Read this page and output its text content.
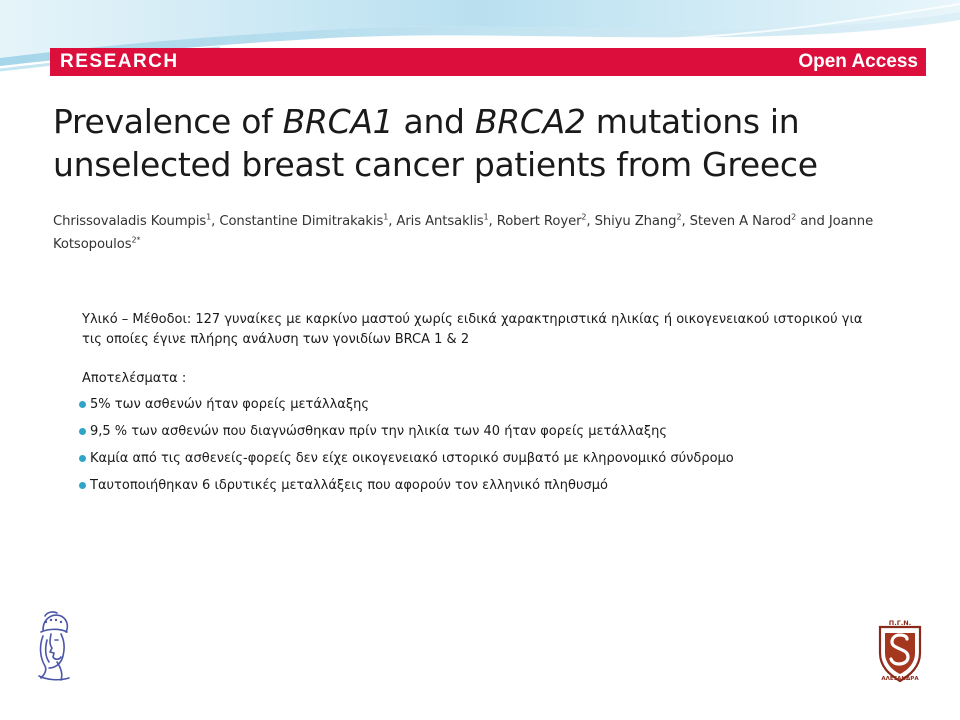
RESEARCH	Open Access
Prevalence of BRCA1 and BRCA2 mutations in unselected breast cancer patients from Greece
Chrissovaladis Koumpis$^1$, Constantine Dimitrakakis$^1$, Aris Antsaklis$^1$, Robert Royer$^2$, Shiyu Zhang$^2$, Steven A Narod$^2$ and Joanne Kotsopoulos$^{2*}$

Υλικό – Μέθοδοι: 127 γυναίκες με καρκίνο μαστού χωρίς ειδικά χαρακτηριστικά ηλικίας ή οικογενειακού ιστορικού για τις οποίες έγινε πλήρης ανάλυση των γονιδίων BRCA 1 & 2

Αποτελέσματα :

5% των ασθενών ήταν φορείς μετάλλαξης
9,5 % των ασθενών που διαγνώσθηκαν πρίν την ηλικία των 40 ήταν φορείς μετάλλαξης
Καμία από τις ασθενείς-φορείς δεν είχε οικογενειακό ιστορικό συμβατό με κληρονομικό σύνδρομο
Ταυτοποιήθηκαν 6 ιδρυτικές μεταλλάξεις που αφορούν τον ελληνικό πληθυσμό
Π.Γ.Ν.
ΑΛΕΞΑΝΔΡΑ
